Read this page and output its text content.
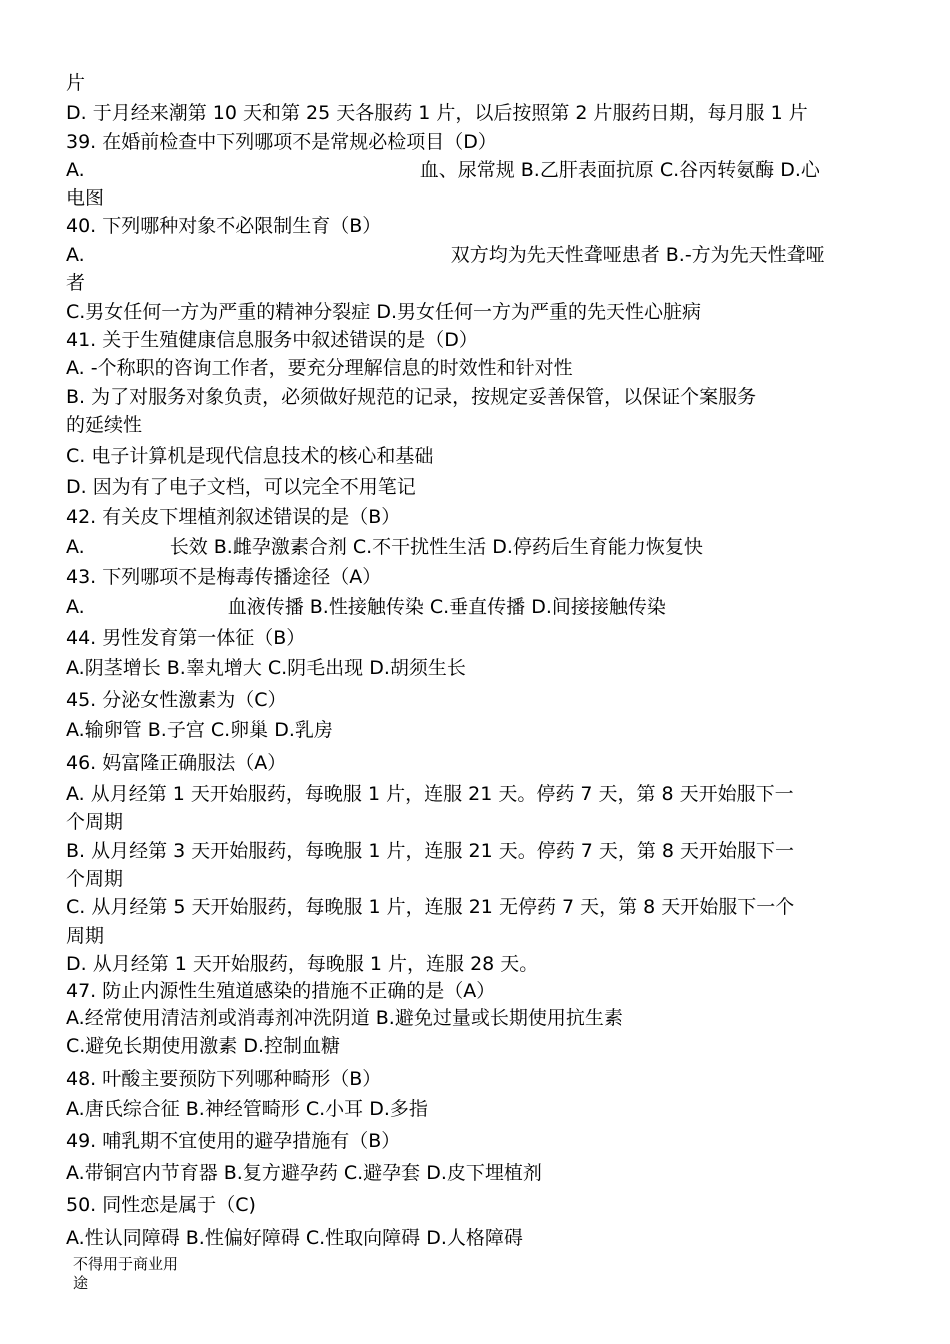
片
D. 于月经来潮第 10 天和第 25 天各服药 1 片，以后按照第 2 片服药日期，每月服 1 片
39. 在婚前检查中下列哪项不是常规必检项目（D）
A.	血、尿常规 B.乙肝表面抗原 C.谷丙转氨酶 D.心
电图
40. 下列哪种对象不必限制生育（B）
A.	双方均为先天性聋哑患者 B.-方为先天性聋哑
者
C.男女任何一方为严重的精神分裂症 D.男女任何一方为严重的先天性心脏病
41. 关于生殖健康信息服务中叙述错误的是（D）
A. -个称职的咨询工作者，要充分理解信息的时效性和针对性
B. 为了对服务对象负责，必须做好规范的记录，按规定妥善保管，以保证个案服务
的延续性
C. 电子计算机是现代信息技术的核心和基础
D. 因为有了电子文档，可以完全不用笔记
42. 有关皮下埋植剂叙述错误的是（B）
A.	长效 B.雌孕激素合剂 C.不干扰性生活 D.停药后生育能力恢复快
43. 下列哪项不是梅毒传播途径（A）
A.	血液传播 B.性接触传染 C.垂直传播 D.间接接触传染
44. 男性发育第一体征（B）
A.阴茎增长 B.睾丸增大 C.阴毛出现 D.胡须生长
45. 分泌女性激素为（C）
A.输卵管 B.子宫 C.卵巢 D.乳房
46. 妈富隆正确服法（A）
A. 从月经第 1 天开始服药，每晚服 1 片，连服 21 天。停药 7 天，第 8 天开始服下一
个周期
B. 从月经第 3 天开始服药，每晚服 1 片，连服 21 天。停药 7 天，第 8 天开始服下一
个周期
C. 从月经第 5 天开始服药，每晚服 1 片，连服 21 无停药 7 天，第 8 天开始服下一个
周期
D. 从月经第 1 天开始服药，每晚服 1 片，连服 28 天。
47. 防止内源性生殖道感染的措施不正确的是（A）
A.经常使用清洁剂或消毒剂冲洗阴道 B.避免过量或长期使用抗生素
C.避免长期使用激素 D.控制血糖
48. 叶酸主要预防下列哪种畸形（B）
A.唐氏综合征 B.神经管畸形 C.小耳 D.多指
49. 哺乳期不宜使用的避孕措施有（B）
A.带铜宫内节育器 B.复方避孕药 C.避孕套 D.皮下埋植剂
50. 同性恋是属于（C)
A.性认同障碍 B.性偏好障碍 C.性取向障碍 D.人格障碍
不得用于商业用
途
